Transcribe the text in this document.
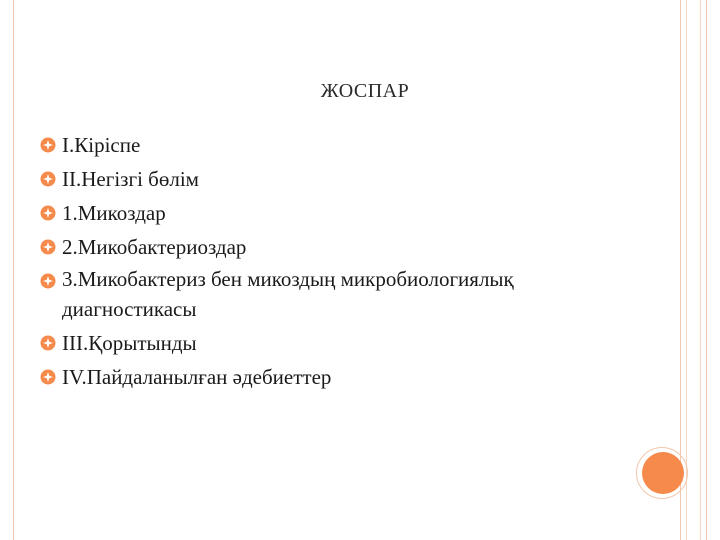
ЖОСПАР
І.Кіріспе
ІІ.Негізгі бөлім
1.Микоздар
2.Микобактериоздар
3.Микобактериз бен микоздың микробиологиялық диагностикасы
ІІІ.Қорытынды
ІV.Пайдаланылған әдебиеттер
